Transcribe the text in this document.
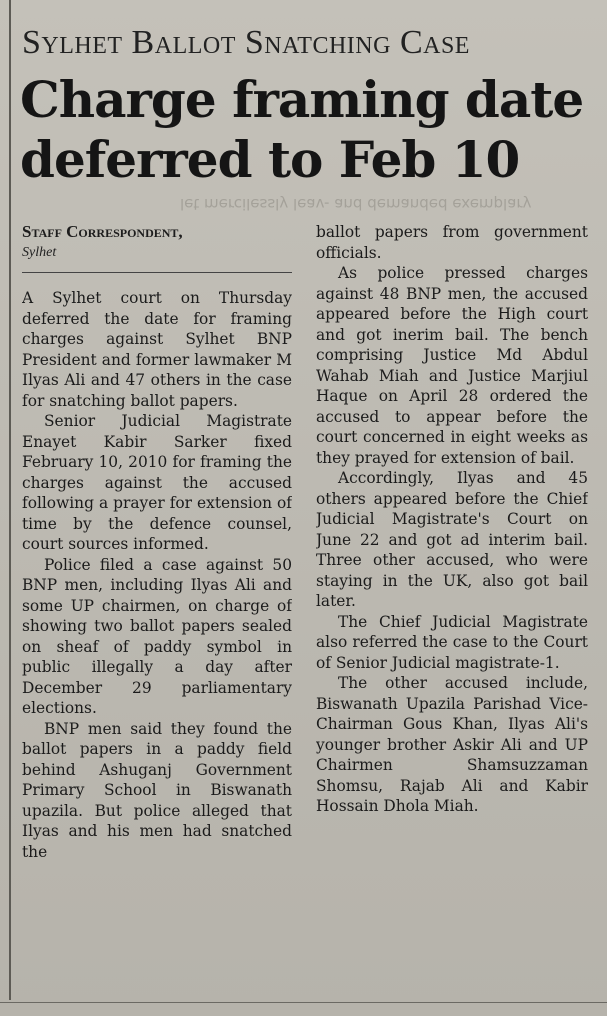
Sylhet Ballot Snatching Case
Charge framing date deferred to Feb 10
let mercilessly leav- and demanded exemplary
Staff Correspondent,
Sylhet

A Sylhet court on Thursday deferred the date for framing charges against Sylhet BNP President and former lawmaker M Ilyas Ali and 47 others in the case for snatching ballot papers.

Senior Judicial Magistrate Enayet Kabir Sarker fixed February 10, 2010 for framing the charges against the accused following a prayer for extension of time by the defence counsel, court sources informed.

Police filed a case against 50 BNP men, including Ilyas Ali and some UP chairmen, on charge of showing two ballot papers sealed on sheaf of paddy symbol in public illegally a day after December 29 parliamentary elections.

BNP men said they found the ballot papers in a paddy field behind Ashuganj Government Primary School in Biswanath upazila. But police alleged that Ilyas and his men had snatched the

ballot papers from government officials.

As police pressed charges against 48 BNP men, the accused appeared before the High court and got inerim bail. The bench comprising Justice Md Abdul Wahab Miah and Justice Marjiul Haque on April 28 ordered the accused to appear before the court concerned in eight weeks as they prayed for extension of bail.

Accordingly, Ilyas and 45 others appeared before the Chief Judicial Magistrate's Court on June 22 and got ad interim bail. Three other accused, who were staying in the UK, also got bail later.

The Chief Judicial Magistrate also referred the case to the Court of Senior Judicial magistrate-1.

The other accused include, Biswanath Upazila Parishad Vice-Chairman Gous Khan, Ilyas Ali's younger brother Askir Ali and UP Chairmen Shamsuzzaman Shomsu, Rajab Ali and Kabir Hossain Dhola Miah.
